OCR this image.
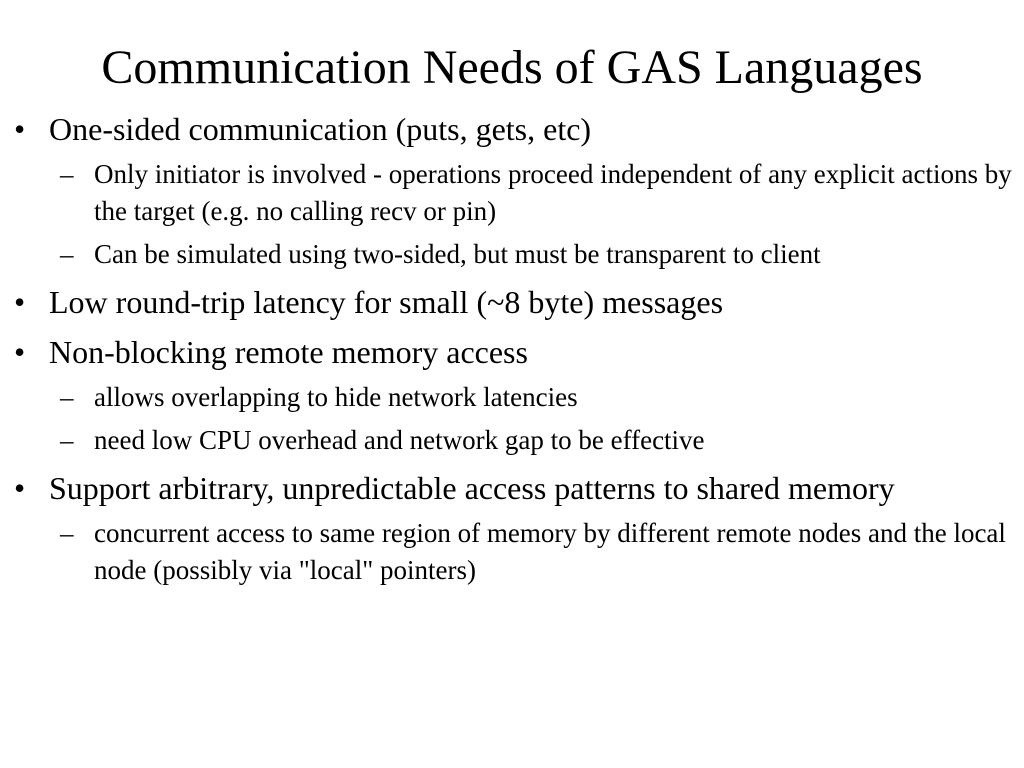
Communication Needs of GAS Languages
• One-sided communication (puts, gets, etc)
– Only initiator is involved - operations proceed independent of any explicit actions by the target (e.g. no calling recv or pin)
– Can be simulated using two-sided, but must be transparent to client
• Low round-trip latency for small (~8 byte) messages
• Non-blocking remote memory access
– allows overlapping to hide network latencies
– need low CPU overhead and network gap to be effective
• Support arbitrary, unpredictable access patterns to shared memory
– concurrent access to same region of memory by different remote nodes and the local node (possibly via "local" pointers)
